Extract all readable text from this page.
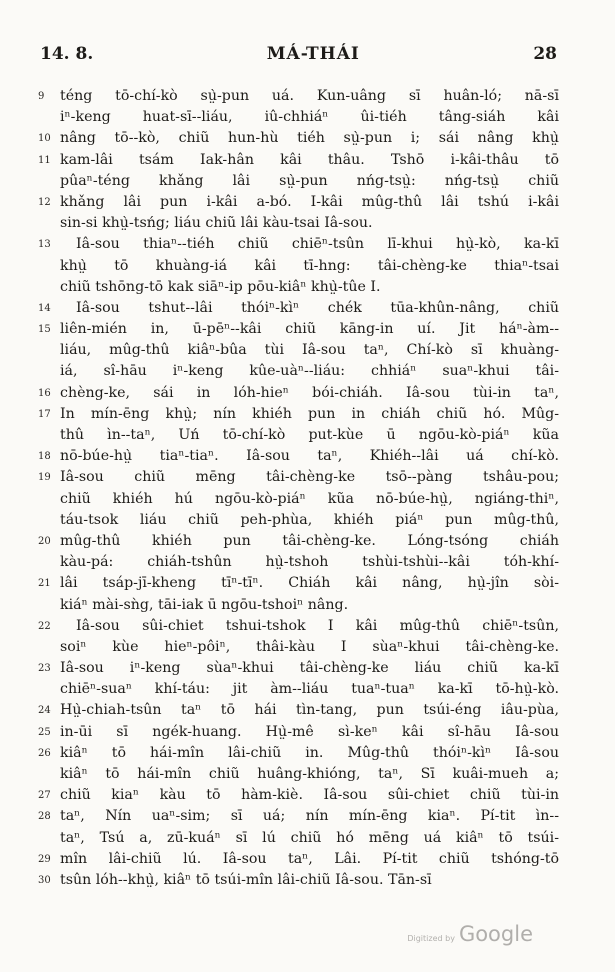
14. 8.	MÁ-THÁI	28
9	téng tō-chí-kò sṳ̀-pun uá. Kun-uâng sī huân-ló; nā-sī
iⁿ-keng huat-sī--liáu, iû-chhiáⁿ ûi-tiéh tâng-siáh kâi
10 nâng tō--kò, chiũ hun-hù tiéh sṳ̀-pun i; sái nâng khṳ̀
11 kam-lâi tsám Iak-hân kâi thâu. Tshō i-kâi-thâu tō
pûaⁿ-téng khǎng lâi sṳ̀-pun nńg-tsṳ̀: nńg-tsṳ̀ chiũ
12 khǎng lâi pun i-kâi a-bó. I-kâi mûg-thû lâi tshú i-kâi
sin-si khṳ̀-tsńg; liáu chiũ lâi kàu-tsai Iâ-sou.
13 Iâ-sou thiaⁿ--tiéh chiũ chiēⁿ-tsûn lī-khui hṳ̀-kò, ka-kī
khṳ̀ tō khuàng-iá kâi tī-hng: tâi-chèng-ke thiaⁿ-tsai
chiũ tshōng-tō kak siāⁿ-ip pōu-kiâⁿ khṳ̀-tûe I.
14 Iâ-sou tshut--lâi thóiⁿ-kìⁿ chék tūa-khûn-nâng, chiũ
15 liên-mién in, ū-pēⁿ--kâi chiũ kāng-in uí. Jit háⁿ-àm--
liáu, mûg-thû kiâⁿ-bûa tùi Iâ-sou taⁿ, Chí-kò sī khuàng-
iá, sî-hāu iⁿ-keng kûe-uàⁿ--liáu: chhiáⁿ suaⁿ-khui tâi-
16 chèng-ke, sái in lóh-hieⁿ bói-chiáh. Iâ-sou tùi-in taⁿ,
17 In mín-ēng khṳ̀; nín khiéh pun in chiáh chiũ hó. Mûg-
thû ìn--taⁿ, Uń tō-chí-kò put-kùe ū ngōu-kò-piáⁿ kũa
18 nō-búe-hṳ̀ tiaⁿ-tiaⁿ. Iâ-sou taⁿ, Khiéh--lâi uá chí-kò.
19 Iâ-sou chiũ mēng tâi-chèng-ke tsō--pàng tshâu-pou;
chiũ khiéh hú ngōu-kò-piáⁿ kũa nō-búe-hṳ̀, ngiáng-thiⁿ,
táu-tsok liáu chiũ peh-phùa, khiéh piáⁿ pun mûg-thû,
20 mûg-thû khiéh pun tâi-chèng-ke. Lóng-tsóng chiáh
kàu-pá: chiáh-tshûn hṳ̀-tshoh tshùi-tshùi--kâi tóh-khí-
21 lâi tsáp-jī-kheng tīⁿ-tīⁿ. Chiáh kâi nâng, hṳ̀-jîn sòi-
kiáⁿ mài-sǹg, tāi-iak ū ngōu-tshoiⁿ nâng.
22 Iâ-sou sûi-chiet tshui-tshok I kâi mûg-thû chiēⁿ-tsûn,
soiⁿ kùe hieⁿ-pôiⁿ, thâi-kàu I sùaⁿ-khui tâi-chèng-ke.
23 Iâ-sou iⁿ-keng sùaⁿ-khui tâi-chèng-ke liáu chiũ ka-kī
chiēⁿ-suaⁿ khí-táu: jit àm--liáu tuaⁿ-tuaⁿ ka-kī tō-hṳ̀-kò.
24 Hṳ̀-chiah-tsûn taⁿ tō hái tìn-tang, pun tsúi-éng iâu-pùa,
25 in-ūi sī ngék-huang. Hṳ̀-mê sì-keⁿ kâi sî-hāu Iâ-sou
26 kiâⁿ tō hái-mîn lâi-chiũ in. Mûg-thû thóiⁿ-kìⁿ Iâ-sou
kiâⁿ tō hái-mîn chiũ huâng-khióng, taⁿ, Sī kuâi-mueh a;
27 chiũ kiaⁿ kàu tō hàm-kiè. Iâ-sou sûi-chiet chiũ tùi-in
28 taⁿ, Nín uaⁿ-sim; sī uá; nín mín-ēng kiaⁿ. Pí-tit ìn--
taⁿ, Tsú a, zū-kuáⁿ sī lú chiũ hó mēng uá kiâⁿ tō tsúi-
29 mîn lâi-chiũ lú. Iâ-sou taⁿ, Lâi. Pí-tit chiũ tshóng-tō
30 tsûn lóh--khṳ̀, kiâⁿ tō tsúi-mîn lâi-chiũ Iâ-sou. Tān-sī
Digitized by Google
